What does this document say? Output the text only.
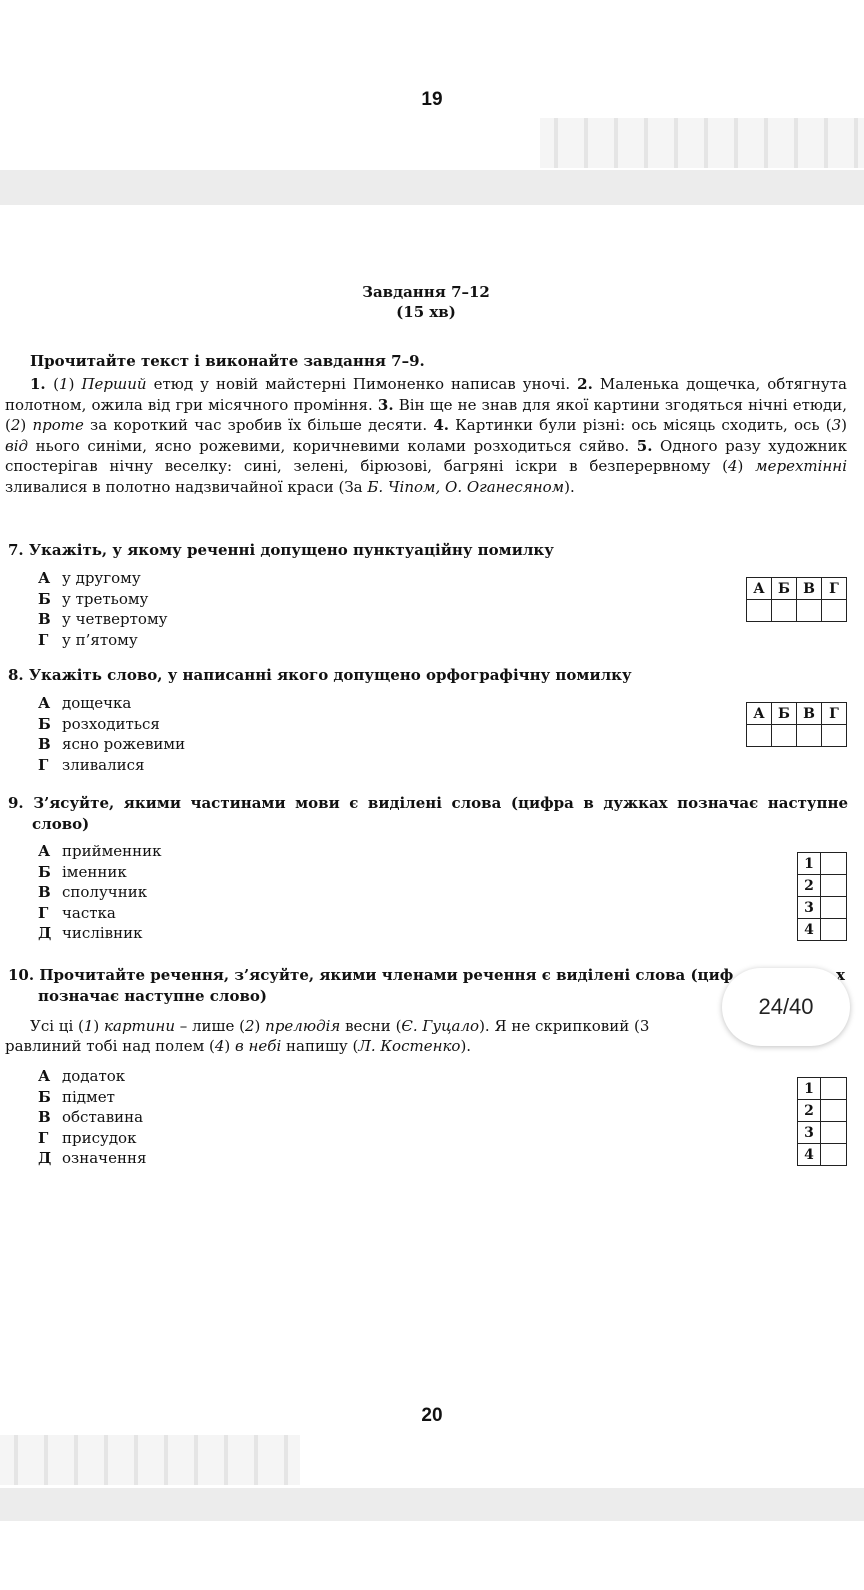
19
Завдання 7–12
(15 хв)
Прочитайте текст і виконайте завдання 7–9.
1. (1) Перший етюд у новій майстерні Пимоненко написав уночі. 2. Маленька дощечка, обтягнута полотном, ожила від гри місячного проміння. 3. Він ще не знав для якої картини згодяться нічні етюди, (2) проте за короткий час зробив їх більше десяти. 4. Картинки були різні: ось місяць сходить, ось (3) від нього синіми, ясно рожевими, коричневими колами розходиться сяйво. 5. Одного разу художник спостерігав нічну веселку: сині, зелені, бірюзові, багряні іскри в безперервному (4) мерехтінні зливалися в полотно надзвичайної краси (За Б. Чіпом, О. Оганесяном).
7. Укажіть, у якому реченні допущено пунктуаційну помилку
А у другому
Б у третьому
В у четвертому
Г у п’ятому
А	Б	В	Г

8. Укажіть слово, у написанні якого допущено орфографічну помилку
А дощечка
Б розходиться
В ясно рожевими
Г зливалися
А	Б	В	Г

9. З’ясуйте, якими частинами мови є виділені слова (цифра в дужках позначає наступне слово)
А прийменник
Б іменник
В сполучник
Г частка
Д числівник
1	
2	
3	
4	
10. Прочитайте речення, з’ясуйте, якими членами речення є виділені слова (циф	х
позначає наступне слово)
Усі ці (1) картини – лише (2) прелюдія весни (Є. Гуцало). Я не скрипковий (3
равлиний тобі над полем (4) в небі напишу (Л. Костенко).
А додаток
Б підмет
В обставина
Г присудок
Д означення
1	
2	
3	
4	
24/40
20
